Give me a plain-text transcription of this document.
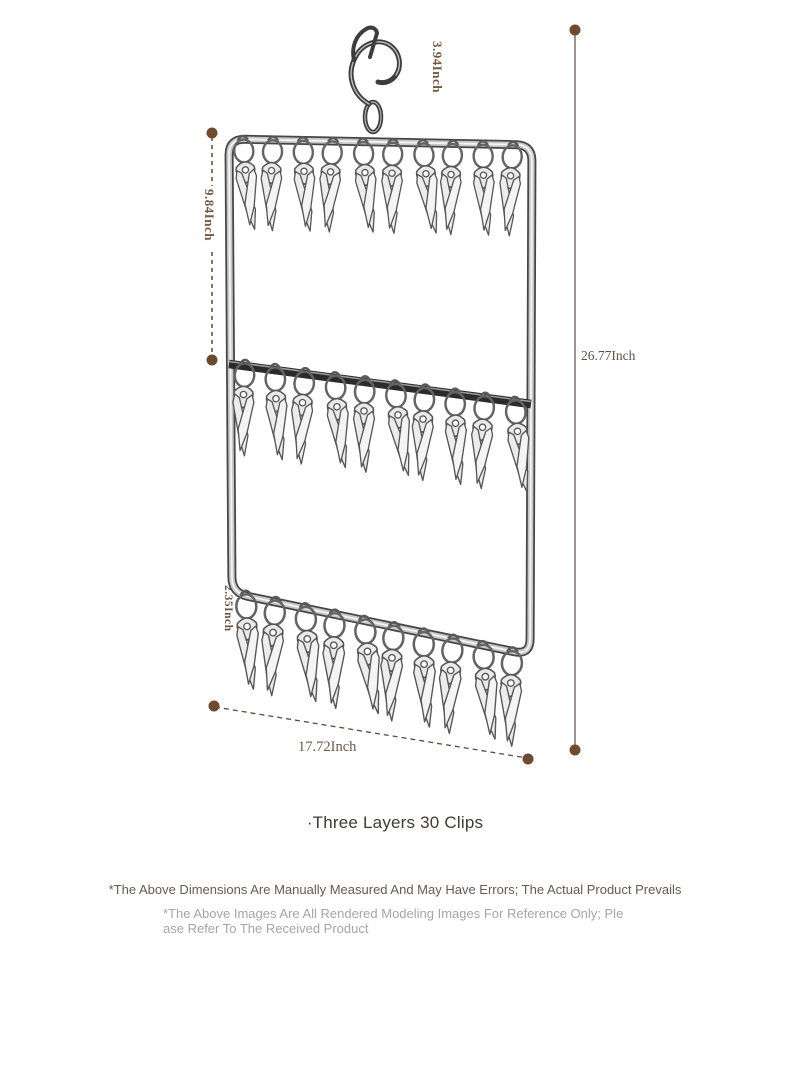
3.94Inch
9.84Inch
26.77Inch
2.35Inch
17.72Inch
·Three Layers 30 Clips
*The Above Dimensions Are Manually Measured And May Have Errors; The Actual Product Prevails
*The Above Images Are All Rendered Modeling Images For Reference Only; Ple
ase Refer To The Received Product
